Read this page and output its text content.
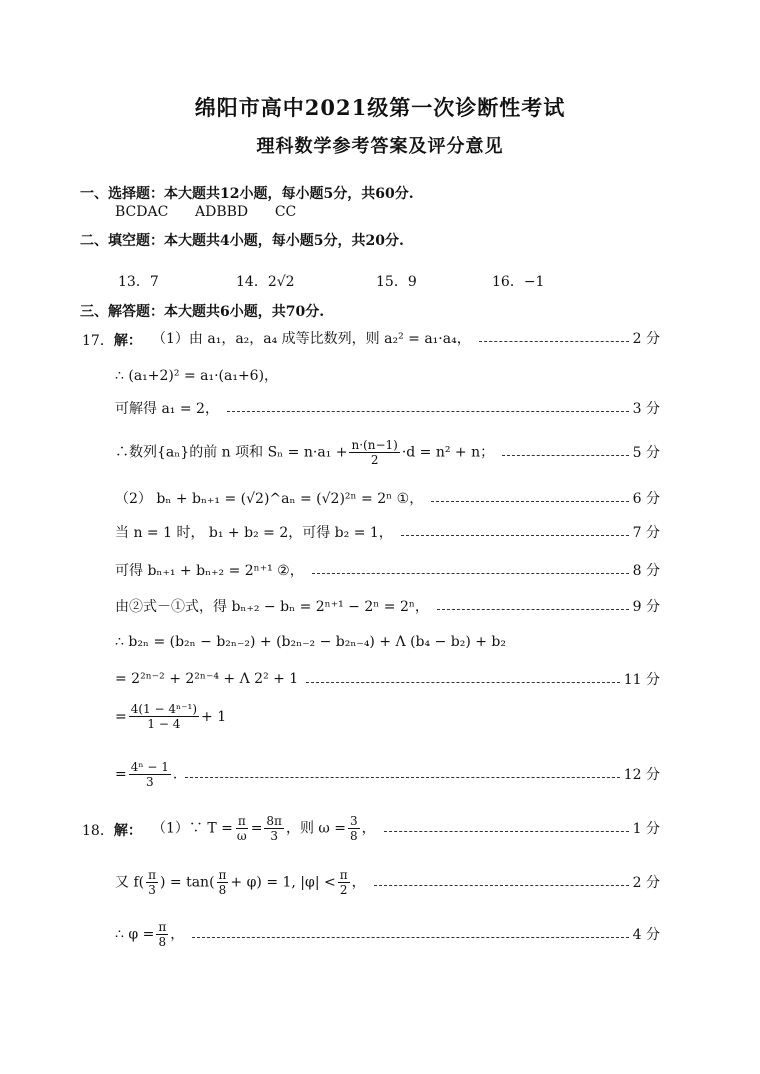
绵阳市高中2021级第一次诊断性考试
理科数学参考答案及评分意见
一、选择题：本大题共12小题，每小题5分，共60分.
BCDAC      ADBBD      CC
二、填空题：本大题共4小题，每小题5分，共20分.
13．7	14．2√2	15．9	16．−1
三、解答题：本大题共6小题，共70分.
17．解： （1）由 a₁，a₂，a₄ 成等比数列，则 a₂² = a₁·a₄，	2 分
∴ (a₁+2)² = a₁·(a₁+6)，
可解得 a₁ = 2，	3 分
∴数列{aₙ}的前 n 项和 $S_n = n\cdot a_1 + \frac{n\cdot(n-1)}{2} \cdot d = n^2 + n$；	5 分
（2） bₙ + bₙ₊₁ = (√2)^aₙ = (√2)²ⁿ = 2ⁿ ①，	6 分
当 n = 1 时， b₁ + b₂ = 2，可得 b₂ = 1，	7 分
可得 bₙ₊₁ + bₙ₊₂ = 2ⁿ⁺¹ ②，	8 分
由②式－①式，得 bₙ₊₂ − bₙ = 2ⁿ⁺¹ − 2ⁿ = 2ⁿ，	9 分
∴ b₂ₙ = (b₂ₙ − b₂ₙ₋₂) + (b₂ₙ₋₂ − b₂ₙ₋₄) + Λ (b₄ − b₂) + b₂
= 2²ⁿ⁻² + 2²ⁿ⁻⁴ + Λ 2² + 1	11 分
= $\frac{\text{4(1 − 4ⁿ⁻¹)}}{1 - 4} + 1$
= $\frac{\text{4ⁿ − 1}}{3}$ .	12 分
18．解： （1）∵ $T = \frac{\pi}{\omega} = \frac{8\pi}{3}$ ，则 $\omega = \frac{3}{8}$ ，	1 分
又 $f( \frac{\pi}{3}$ ) = $\tan( \frac{\pi}{8} + \varphi) = 1$, $|\varphi| < \frac{\pi}{2}$ ，	2 分
∴ $\varphi = \frac{\pi}{8}$ ，	4 分
